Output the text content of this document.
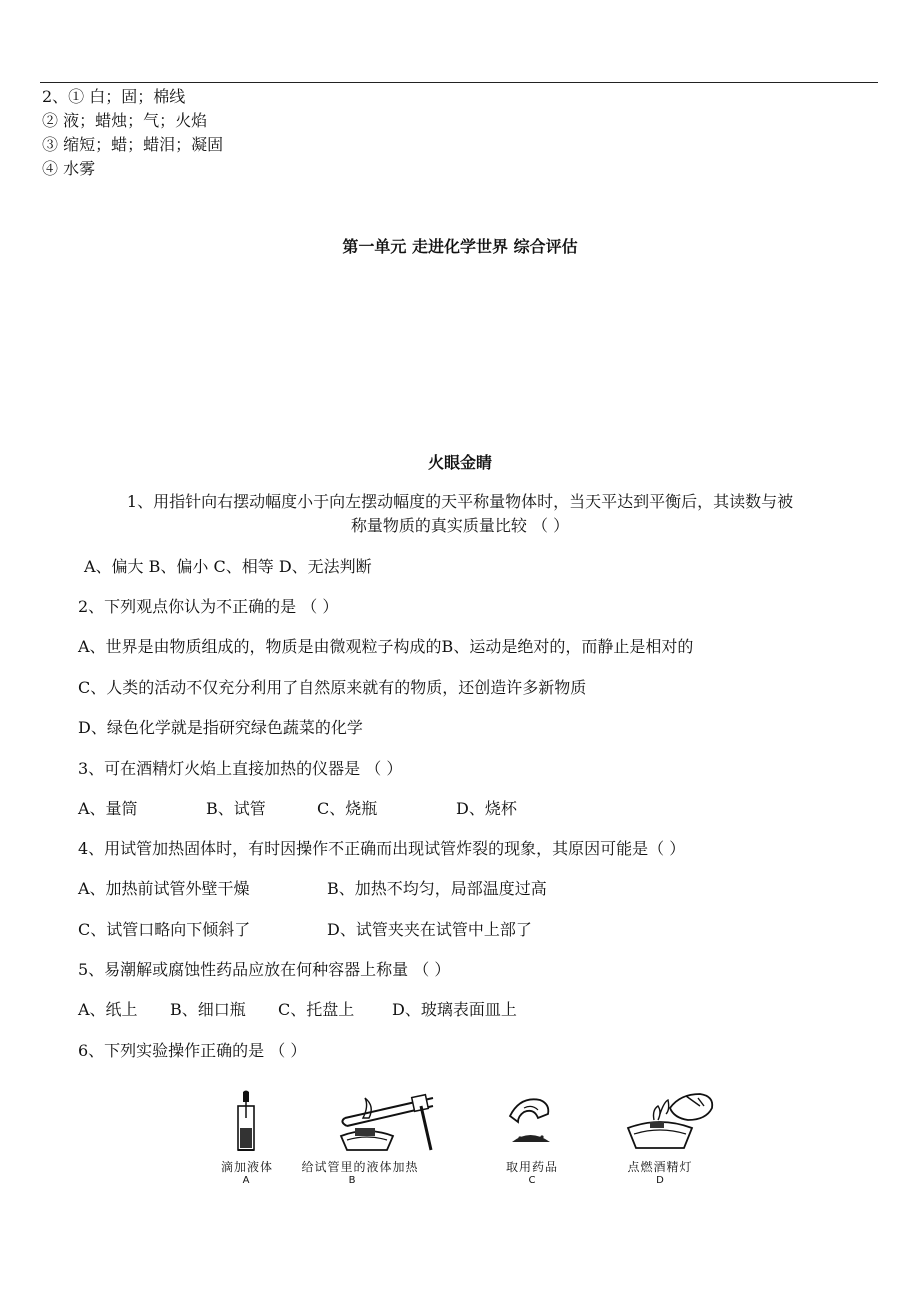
2、① 白；固；棉线
② 液；蜡烛；气；火焰
③ 缩短；蜡；蜡泪；凝固
④ 水雾
第一单元 走进化学世界 综合评估
火眼金睛
1、用指针向右摆动幅度小于向左摆动幅度的天平称量物体时，当天平达到平衡后，其读数与被
称量物质的真实质量比较 （ ）
A、偏大 B、偏小 C、相等 D、无法判断
2、下列观点你认为不正确的是 （ ）
A、世界是由物质组成的，物质是由微观粒子构成的B、运动是绝对的，而静止是相对的
C、人类的活动不仅充分利用了自然原来就有的物质，还创造许多新物质
D、绿色化学就是指研究绿色蔬菜的化学
3、可在酒精灯火焰上直接加热的仪器是 （ ）
A、量筒	B、试管	C、烧瓶	D、烧杯
4、用试管加热固体时，有时因操作不正确而出现试管炸裂的现象，其原因可能是（ ）
A、加热前试管外壁干燥	B、加热不均匀，局部温度过高
C、试管口略向下倾斜了	D、试管夹夹在试管中上部了
5、易潮解或腐蚀性药品应放在何种容器上称量 （ ）
A、纸上 B、细口瓶 C、托盘上 D、玻璃表面皿上
6、下列实验操作正确的是 （ ）
滴加液体
A
给试管里的液体加热
B
取用药品
C
点燃酒精灯
D
